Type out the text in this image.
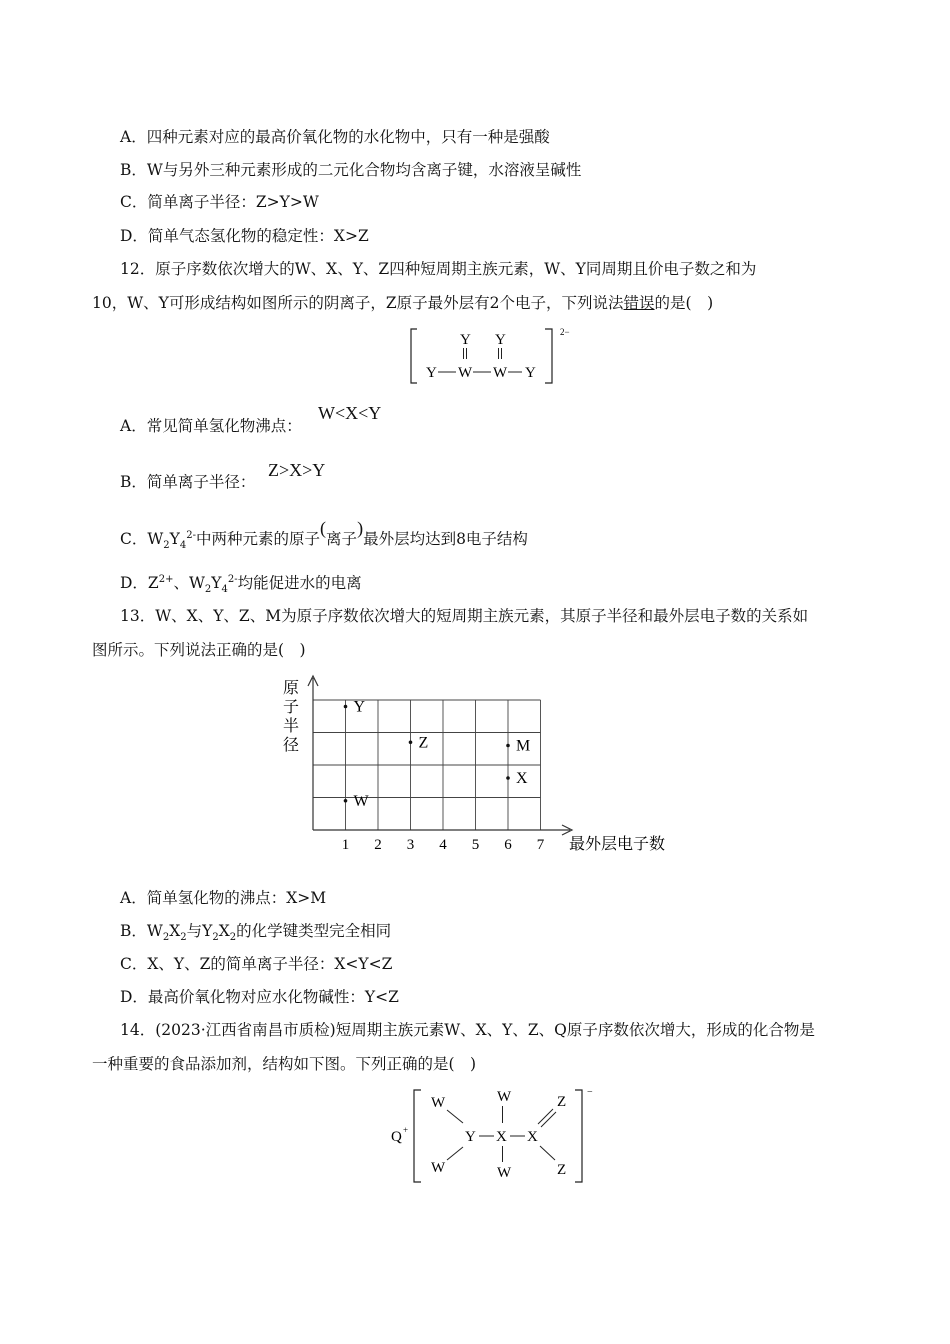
A．四种元素对应的最高价氧化物的水化物中，只有一种是强酸
B．W与另外三种元素形成的二元化合物均含离子键，水溶液呈碱性
C．简单离子半径：Z>Y>W
D．简单气态氢化物的稳定性：X>Z
12．原子序数依次增大的W、X、Y、Z四种短周期主族元素，W、Y同周期且价电子数之和为
10，W、Y可形成结构如图所示的阴离子，Z原子最外层有2个电子，下列说法错误的是(　)
2−
Y Y
Y W W Y
A．常见简单氢化物沸点：
W<X<Y
B．简单离子半径：
Z>X>Y
C．$W_2Y_4^{2-}$中两种元素的原子(离子)最外层均达到8电子结构
D．$Z^{2+}$、$W_2Y_4^{2-}$均能促进水的电离
13．W、X、Y、Z、M为原子序数依次增大的短周期主族元素，其原子半径和最外层电子数的关系如
图所示。下列说法正确的是(　)
原
子
半
径
1 2 3 4 5 6 7 最外层电子数
Y
Z	M
X
W
A．简单氢化物的沸点：X>M
B．$W_2X_2$与$Y_2X_2$的化学键类型完全相同
C．X、Y、Z的简单离子半径：X<Y<Z
D．最高价氧化物对应水化物碱性：Y<Z
14．(2023·江西省南昌市质检)短周期主族元素W、X、Y、Z、Q原子序数依次增大，形成的化合物是
一种重要的食品添加剂，结构如下图。下列正确的是(　)
Q +
−
W
W
Y X
W
W
X
Z
Z
